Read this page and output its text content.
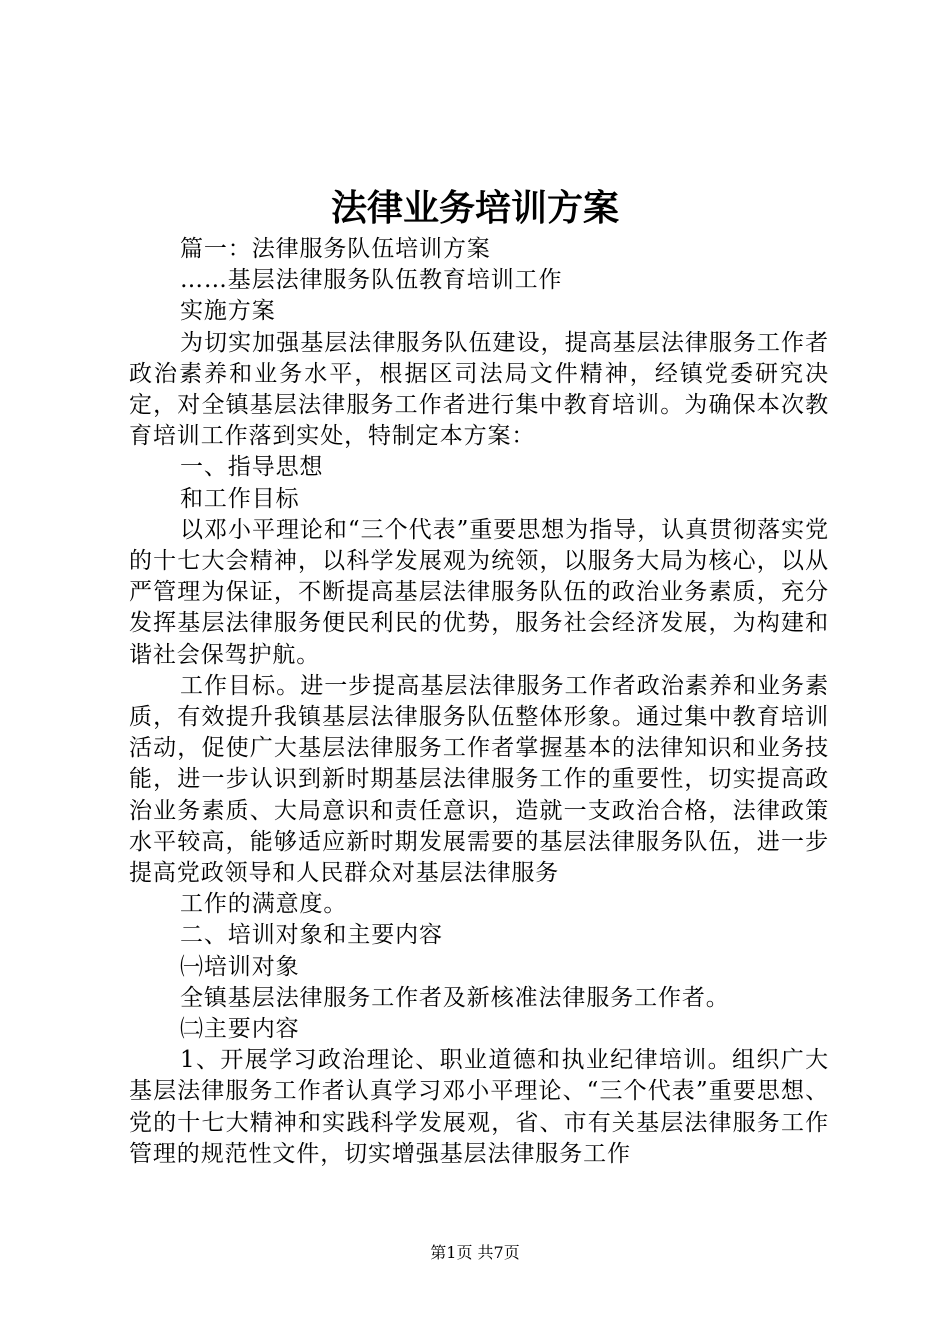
法律业务培训方案

篇一：法律服务队伍培训方案

……基层法律服务队伍教育培训工作

实施方案

为切实加强基层法律服务队伍建设，提高基层法律服务工作者政治素养和业务水平，根据区司法局文件精神，经镇党委研究决定，对全镇基层法律服务工作者进行集中教育培训。为确保本次教育培训工作落到实处，特制定本方案：

一、指导思想

和工作目标

以邓小平理论和“三个代表”重要思想为指导，认真贯彻落实党的十七大会精神，以科学发展观为统领，以服务大局为核心，以从严管理为保证，不断提高基层法律服务队伍的政治业务素质，充分发挥基层法律服务便民利民的优势，服务社会经济发展，为构建和谐社会保驾护航。

工作目标。进一步提高基层法律服务工作者政治素养和业务素质，有效提升我镇基层法律服务队伍整体形象。通过集中教育培训活动，促使广大基层法律服务工作者掌握基本的法律知识和业务技能，进一步认识到新时期基层法律服务工作的重要性，切实提高政治业务素质、大局意识和责任意识，造就一支政治合格，法律政策水平较高，能够适应新时期发展需要的基层法律服务队伍，进一步提高党政领导和人民群众对基层法律服务

工作的满意度。

二、培训对象和主要内容

㈠培训对象

全镇基层法律服务工作者及新核准法律服务工作者。

㈡主要内容

1、开展学习政治理论、职业道德和执业纪律培训。组织广大基层法律服务工作者认真学习邓小平理论、“三个代表”重要思想、党的十七大精神和实践科学发展观，省、市有关基层法律服务工作管理的规范性文件，切实增强基层法律服务工作

第1页 共7页
